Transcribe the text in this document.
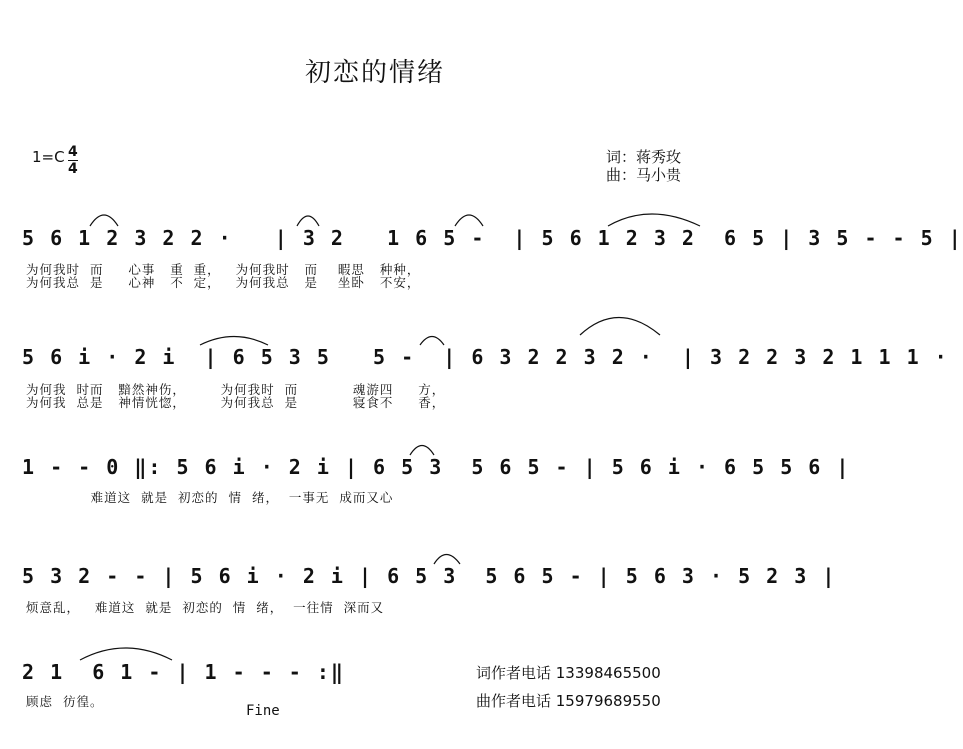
初恋的情绪
$1=C \frac{4}{4}$	词：蒋秀玫
曲：马小贵
5 6 1 2 3 2 2 ·   | 3 2   1 6 5 -  | 5 6 1 2 3 2  6 5 | 3 5 - - 5 |
为何我时  而     心事   重  重，   为何我时   而    暇思   种种，
为何我总  是     心神   不  定，   为何我总   是    坐卧   不安，
5 6 i · 2 i  | 6 5 3 5   5 -  | 6 3 2 2 3 2 ·  | 3 2 2 3 2 1 1 1 ·
为何我  时而   黯然神伤，       为何我时  而           魂游四     方，
为何我  总是   神情恍惚，       为何我总  是           寝食不     香，
1 - - 0 ‖: 5 6 i · 2 i | 6 5 3  5 6 5 - | 5 6 i · 6 5 5 6 |
难道这  就是  初恋的  情  绪，  一事无  成而又心
5 3 2 - - | 5 6 i · 2 i | 6 5 3  5 6 5 - | 5 6 3 · 5 2 3 |
烦意乱，   难道这  就是  初恋的  情  绪，  一往情  深而又
2 1  6 1 - | 1 - - - :‖
顾虑  彷徨。
Fine
词作者电话 13398465500
曲作者电话 15979689550
